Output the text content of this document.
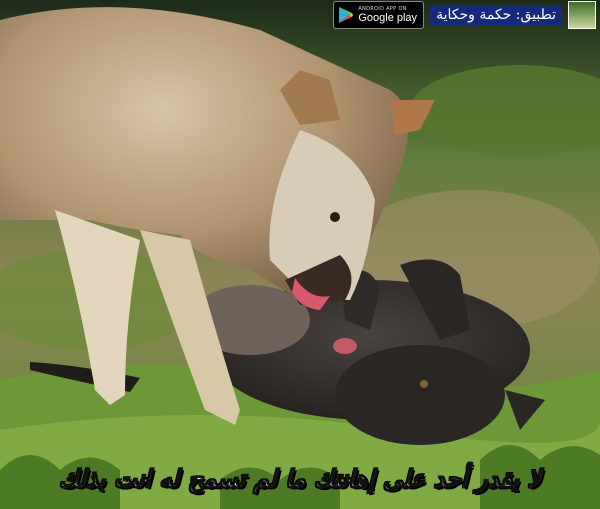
ANDROID APP ON
Google play	تطبيق: حكمة وحكاية
لا يقدر أحد على إهانتك ما لم تسمح له انت بذلك
